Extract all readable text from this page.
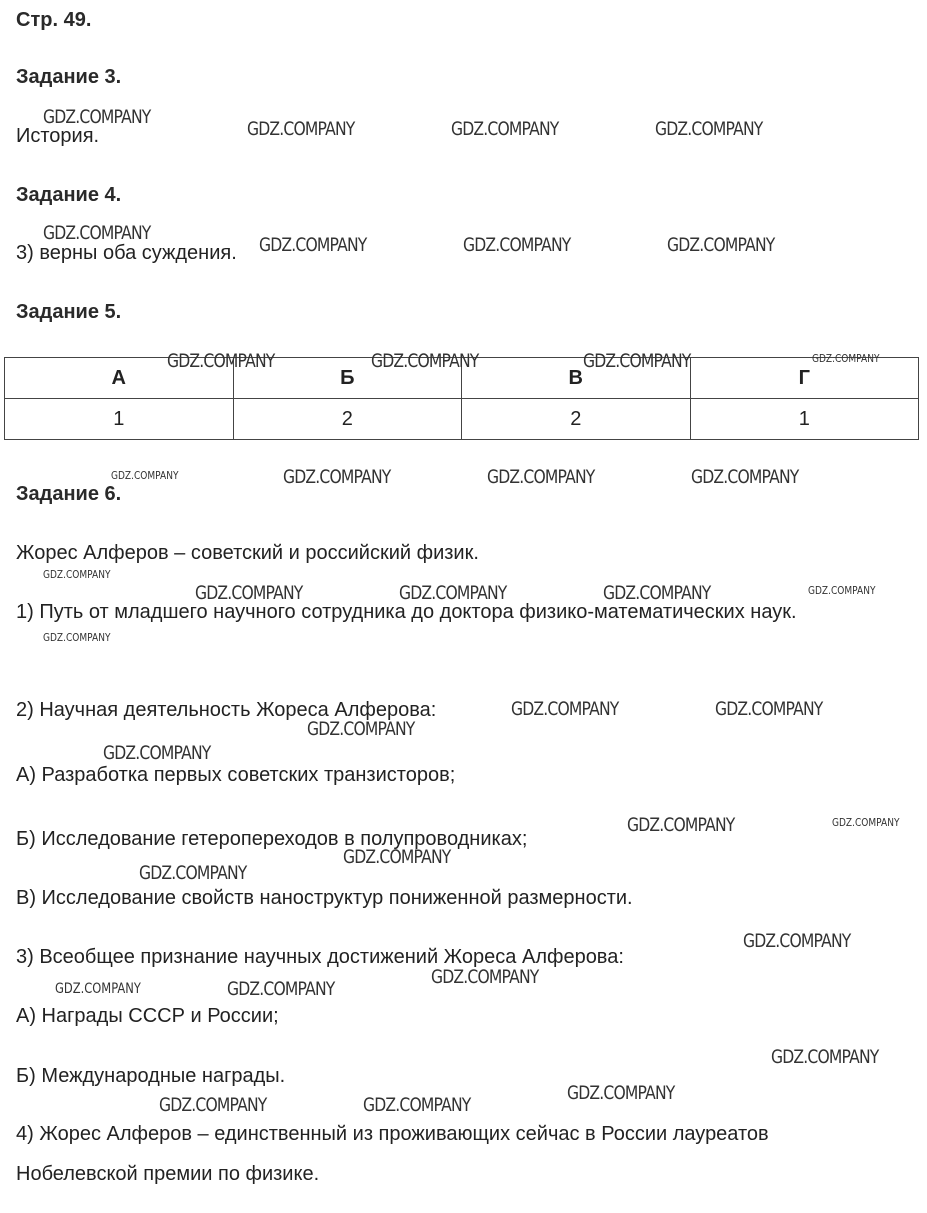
Стр. 49.
Задание 3.
История.
Задание 4.
3) верны оба суждения.
Задание 5.
А	Б	В	Г
1	2	2	1
Задание 6.
Жорес Алферов – советский и российский физик.
1) Путь от младшего научного сотрудника до доктора физико-математических наук.
2) Научная деятельность Жореса Алферова:
А) Разработка первых советских транзисторов;
Б) Исследование гетеропереходов в полупроводниках;
В) Исследование свойств наноструктур пониженной размерности.
3) Всеобщее признание научных достижений Жореса Алферова:
А) Награды СССР и России;
Б) Международные награды.
4) Жорес Алферов – единственный из проживающих сейчас в России лауреатов Нобелевской премии по физике.
GDZ.COMPANY
GDZ.COMPANY	GDZ.COMPANY	GDZ.COMPANY
GDZ.COMPANY
GDZ.COMPANY	GDZ.COMPANY	GDZ.COMPANY
GDZ.COMPANY	GDZ.COMPANY	GDZ.COMPANY	GDZ.COMPANY
GDZ.COMPANY	GDZ.COMPANY	GDZ.COMPANY	GDZ.COMPANY
GDZ.COMPANY
GDZ.COMPANY	GDZ.COMPANY	GDZ.COMPANY	GDZ.COMPANY
GDZ.COMPANY
GDZ.COMPANY	GDZ.COMPANY
GDZ.COMPANY
GDZ.COMPANY
GDZ.COMPANY	GDZ.COMPANY
GDZ.COMPANY
GDZ.COMPANY
GDZ.COMPANY
GDZ.COMPANY
GDZ.COMPANY
GDZ.COMPANY
GDZ.COMPANY
GDZ.COMPANY
GDZ.COMPANY	GDZ.COMPANY
